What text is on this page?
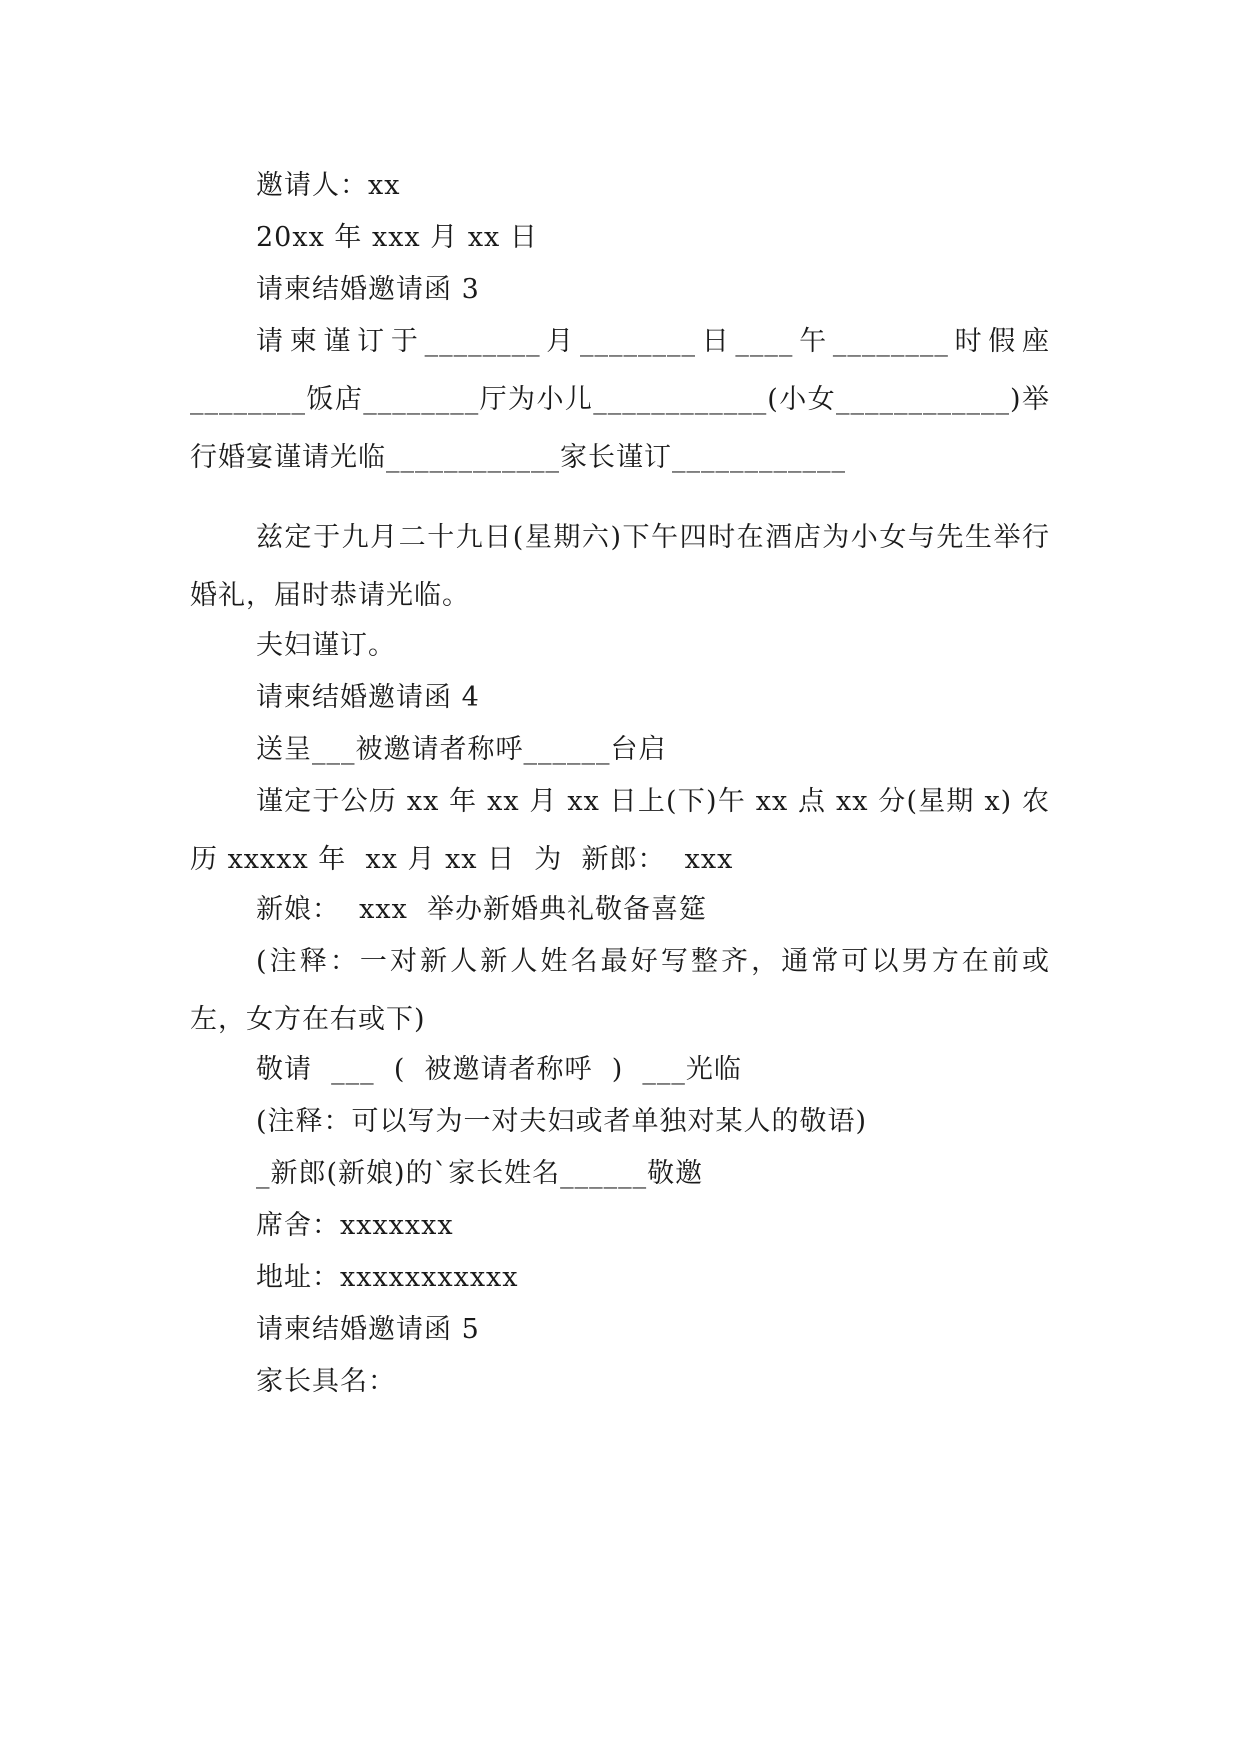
邀请人：xx

20xx 年 xxx 月 xx 日

请柬结婚邀请函 3

请柬谨订于________月________日____午________时假座________饭店________厅为小儿____________(小女____________)举行婚宴谨请光临____________家长谨订____________

兹定于九月二十九日(星期六)下午四时在酒店为小女与先生举行婚礼，届时恭请光临。

夫妇谨订。

请柬结婚邀请函 4

送呈___被邀请者称呼______台启

谨定于公历 xx 年 xx 月 xx 日上(下)午 xx 点 xx 分(星期 x) 农历 xxxxx 年  xx 月 xx 日  为  新郎：  xxx

新娘：  xxx  举办新婚典礼敬备喜筵

(注释：一对新人新人姓名最好写整齐，通常可以男方在前或左，女方在右或下)

敬请  ___  (  被邀请者称呼  )  ___光临

(注释：可以写为一对夫妇或者单独对某人的敬语)

_新郎(新娘)的`家长姓名______敬邀

席舍：xxxxxxx

地址：xxxxxxxxxxx

请柬结婚邀请函 5

家长具名：
